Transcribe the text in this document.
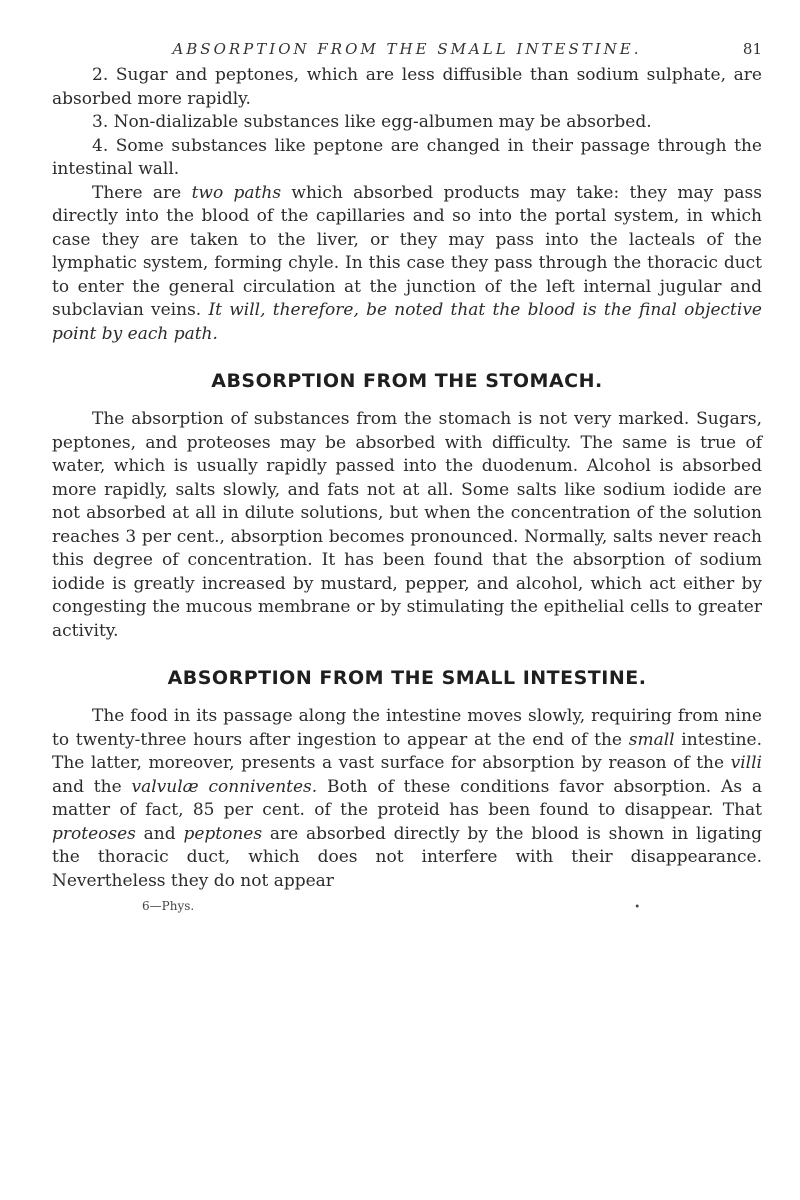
ABSORPTION FROM THE SMALL INTESTINE.	81

2. Sugar and peptones, which are less diffusible than sodium sulphate, are absorbed more rapidly.

3. Non-dializable substances like egg-albumen may be absorbed.

4. Some substances like peptone are changed in their passage through the intestinal wall.

There are two paths which absorbed products may take: they may pass directly into the blood of the capillaries and so into the portal system, in which case they are taken to the liver, or they may pass into the lacteals of the lymphatic system, forming chyle. In this case they pass through the thoracic duct to enter the general circulation at the junction of the left internal jugular and subclavian veins. It will, therefore, be noted that the blood is the final objective point by each path.

ABSORPTION FROM THE STOMACH.

The absorption of substances from the stomach is not very marked. Sugars, peptones, and proteoses may be absorbed with difficulty. The same is true of water, which is usually rapidly passed into the duodenum. Alcohol is absorbed more rapidly, salts slowly, and fats not at all. Some salts like sodium iodide are not absorbed at all in dilute solutions, but when the concentration of the solution reaches 3 per cent., absorption becomes pronounced. Normally, salts never reach this degree of concentration. It has been found that the absorption of sodium iodide is greatly increased by mustard, pepper, and alcohol, which act either by congesting the mucous membrane or by stimulating the epithelial cells to greater activity.

ABSORPTION FROM THE SMALL INTESTINE.

The food in its passage along the intestine moves slowly, requiring from nine to twenty-three hours after ingestion to appear at the end of the small intestine. The latter, moreover, presents a vast surface for absorption by reason of the villi and the valvulæ conniventes. Both of these conditions favor absorption. As a matter of fact, 85 per cent. of the proteid has been found to disappear. That proteoses and peptones are absorbed directly by the blood is shown in ligating the thoracic duct, which does not interfere with their disappearance. Nevertheless they do not appear

6—Phys.	•
